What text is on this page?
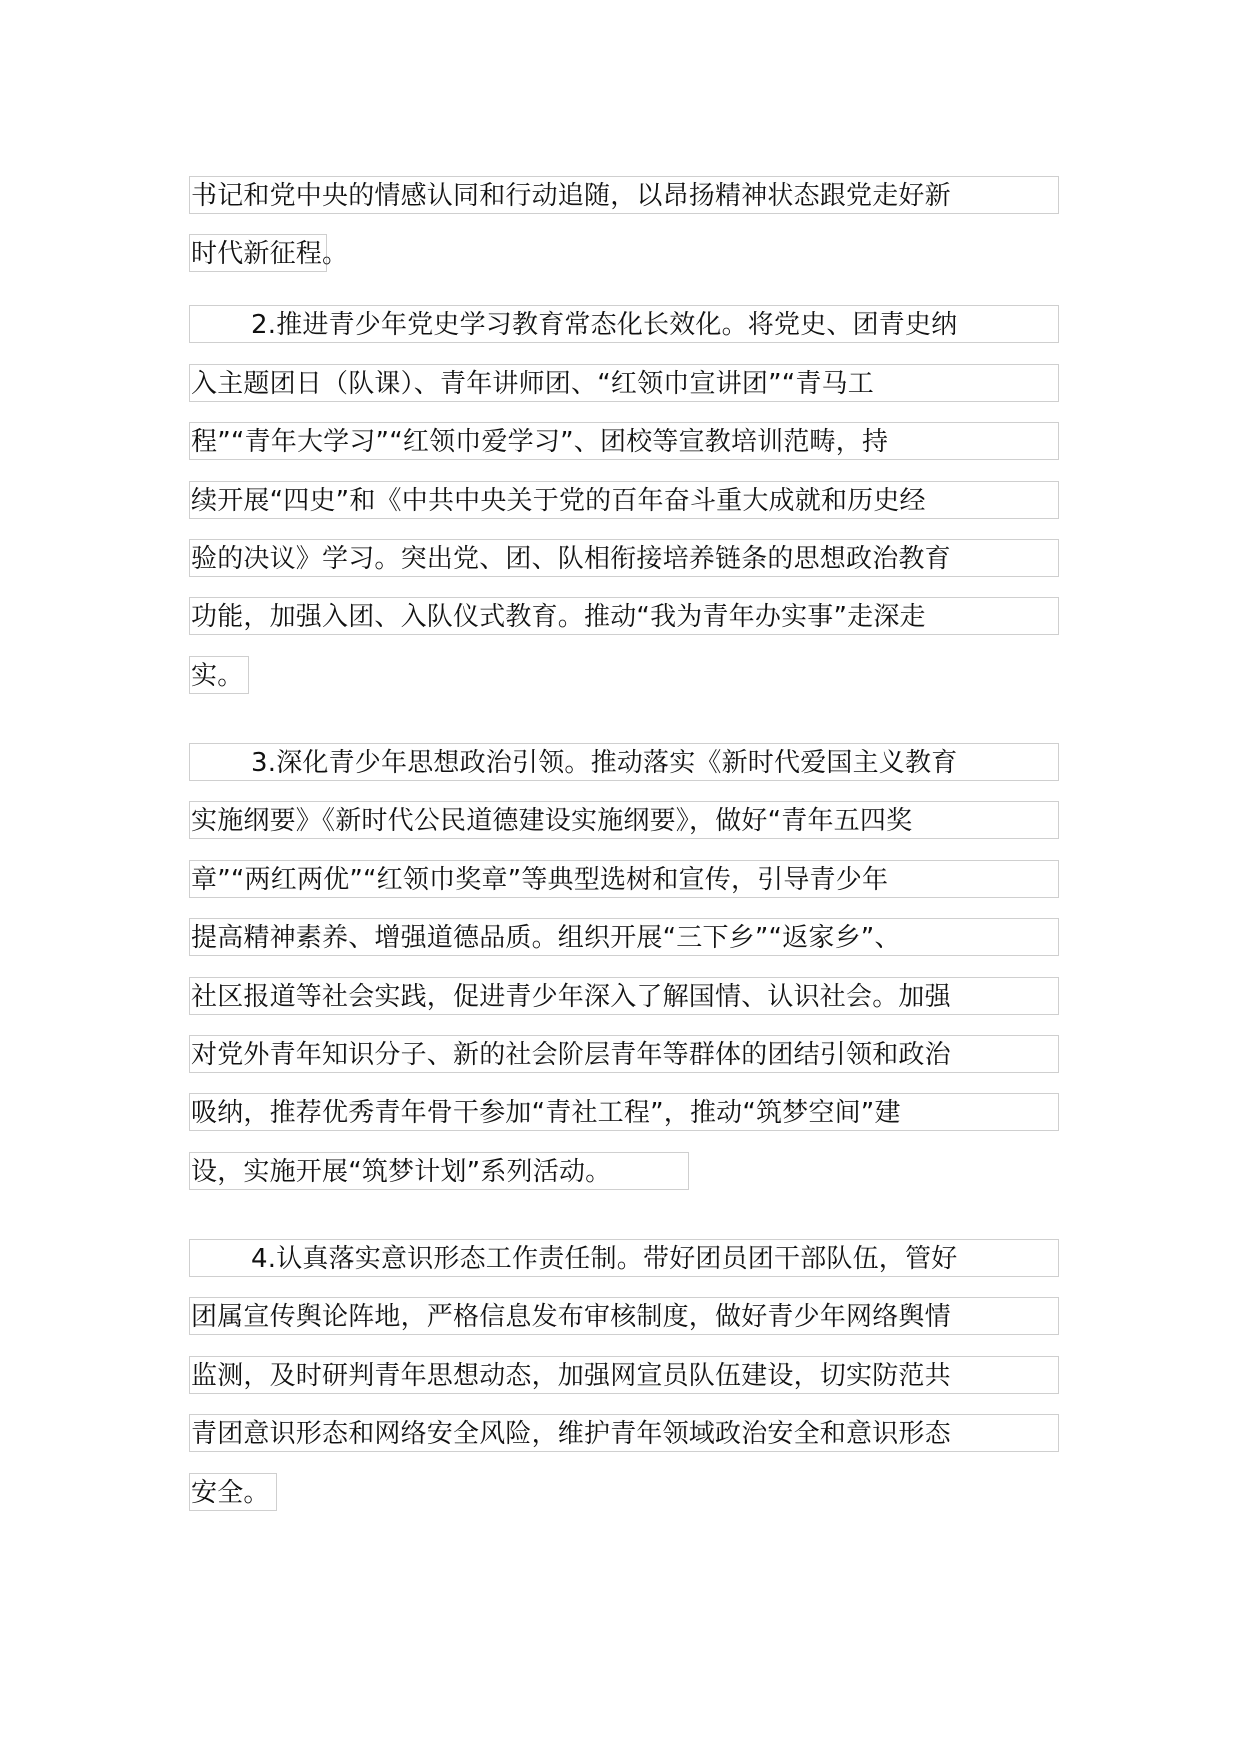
书记和党中央的情感认同和行动追随，以昂扬精神状态跟党走好新
时代新征程。
2.推进青少年党史学习教育常态化长效化。将党史、团青史纳
入主题团日（队课）、青年讲师团、“红领巾宣讲团”“青马工
程”“青年大学习”“红领巾爱学习”、团校等宣教培训范畴，持
续开展“四史”和《中共中央关于党的百年奋斗重大成就和历史经
验的决议》学习。突出党、团、队相衔接培养链条的思想政治教育
功能，加强入团、入队仪式教育。推动“我为青年办实事”走深走
实。
3.深化青少年思想政治引领。推动落实《新时代爱国主义教育
实施纲要》《新时代公民道德建设实施纲要》，做好“青年五四奖
章”“两红两优”“红领巾奖章”等典型选树和宣传，引导青少年
提高精神素养、增强道德品质。组织开展“三下乡”“返家乡”、
社区报道等社会实践，促进青少年深入了解国情、认识社会。加强
对党外青年知识分子、新的社会阶层青年等群体的团结引领和政治
吸纳，推荐优秀青年骨干参加“青社工程”，推动“筑梦空间”建
设，实施开展“筑梦计划”系列活动。
4.认真落实意识形态工作责任制。带好团员团干部队伍，管好
团属宣传舆论阵地，严格信息发布审核制度，做好青少年网络舆情
监测，及时研判青年思想动态，加强网宣员队伍建设，切实防范共
青团意识形态和网络安全风险，维护青年领域政治安全和意识形态
安全。
